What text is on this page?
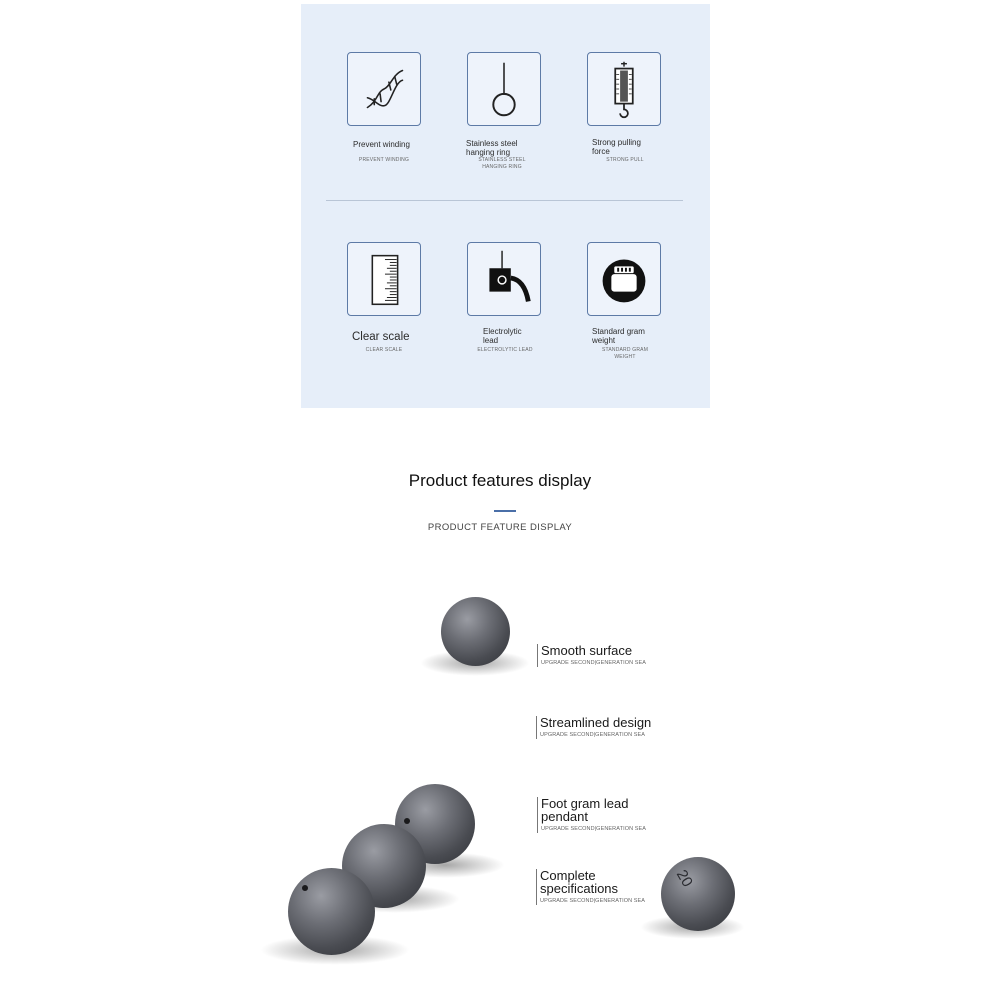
Prevent winding
PREVENT WINDING
Stainless steel hanging ring
STAINLESS STEEL HANGING RING
Strong pulling force
STRONG PULL
Clear scale
CLEAR SCALE
Electrolytic lead
ELECTROLYTIC LEAD
Standard gram weight
STANDARD GRAM WEIGHT
Product features display
PRODUCT FEATURE DISPLAY
20
Smooth surface
UPGRADE SECOND|GENERATION SEA
Streamlined design
UPGRADE SECOND|GENERATION SEA
Foot gram lead pendant
UPGRADE SECOND|GENERATION SEA
Complete specifications
UPGRADE SECOND|GENERATION SEA
